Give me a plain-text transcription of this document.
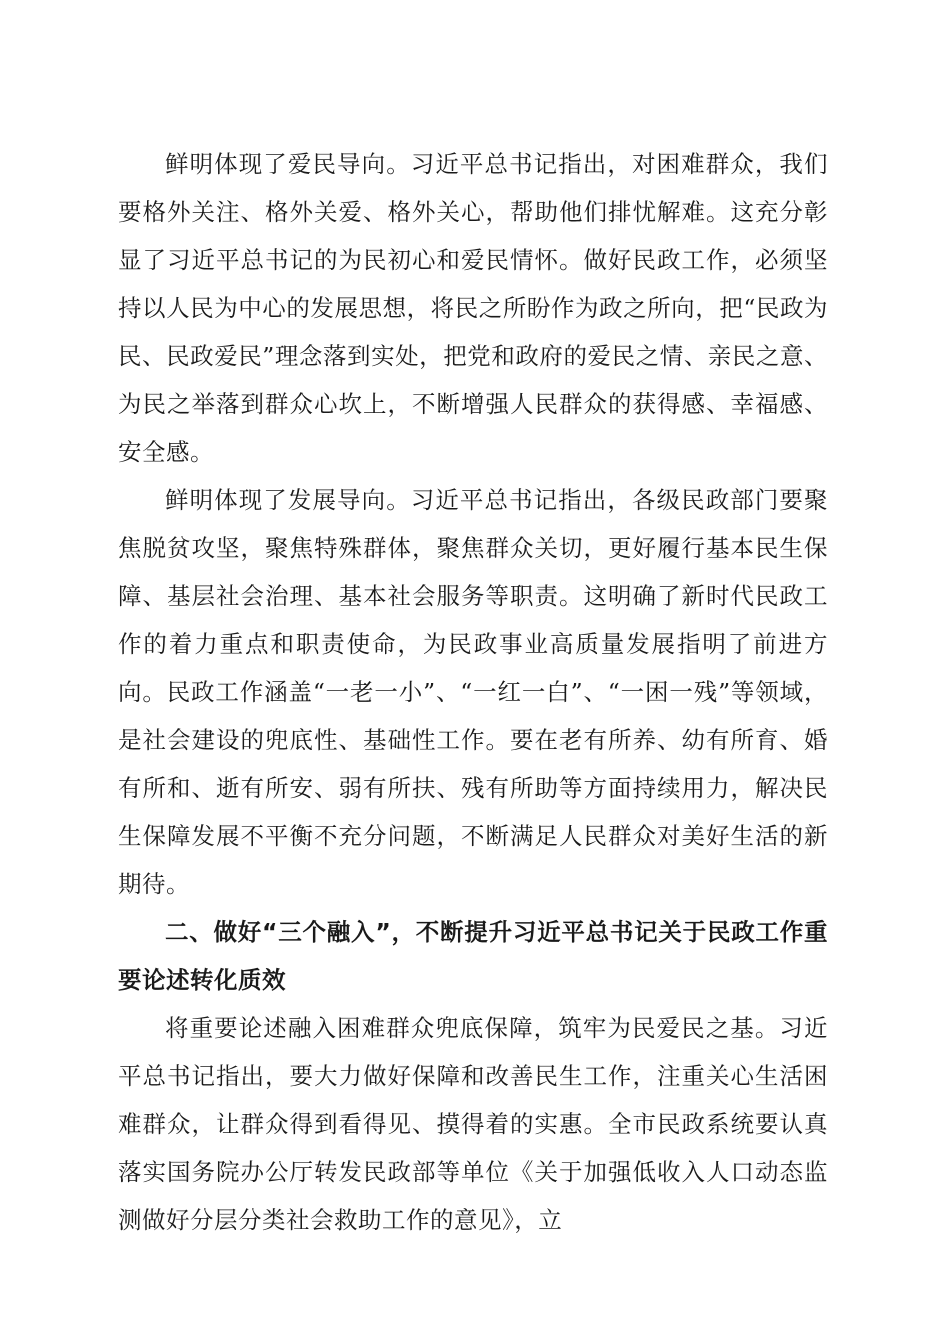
鲜明体现了爱民导向。习近平总书记指出，对困难群众，我们要格外关注、格外关爱、格外关心，帮助他们排忧解难。这充分彰显了习近平总书记的为民初心和爱民情怀。做好民政工作，必须坚持以人民为中心的发展思想，将民之所盼作为政之所向，把“民政为民、民政爱民”理念落到实处，把党和政府的爱民之情、亲民之意、为民之举落到群众心坎上，不断增强人民群众的获得感、幸福感、安全感。

鲜明体现了发展导向。习近平总书记指出，各级民政部门要聚焦脱贫攻坚，聚焦特殊群体，聚焦群众关切，更好履行基本民生保障、基层社会治理、基本社会服务等职责。这明确了新时代民政工作的着力重点和职责使命，为民政事业高质量发展指明了前进方向。民政工作涵盖“一老一小”、“一红一白”、“一困一残”等领域，是社会建设的兜底性、基础性工作。要在老有所养、幼有所育、婚有所和、逝有所安、弱有所扶、残有所助等方面持续用力，解决民生保障发展不平衡不充分问题，不断满足人民群众对美好生活的新期待。

二、做好“三个融入”，不断提升习近平总书记关于民政工作重要论述转化质效

将重要论述融入困难群众兜底保障，筑牢为民爱民之基。习近平总书记指出，要大力做好保障和改善民生工作，注重关心生活困难群众，让群众得到看得见、摸得着的实惠。全市民政系统要认真落实国务院办公厅转发民政部等单位《关于加强低收入人口动态监测做好分层分类社会救助工作的意见》，立
